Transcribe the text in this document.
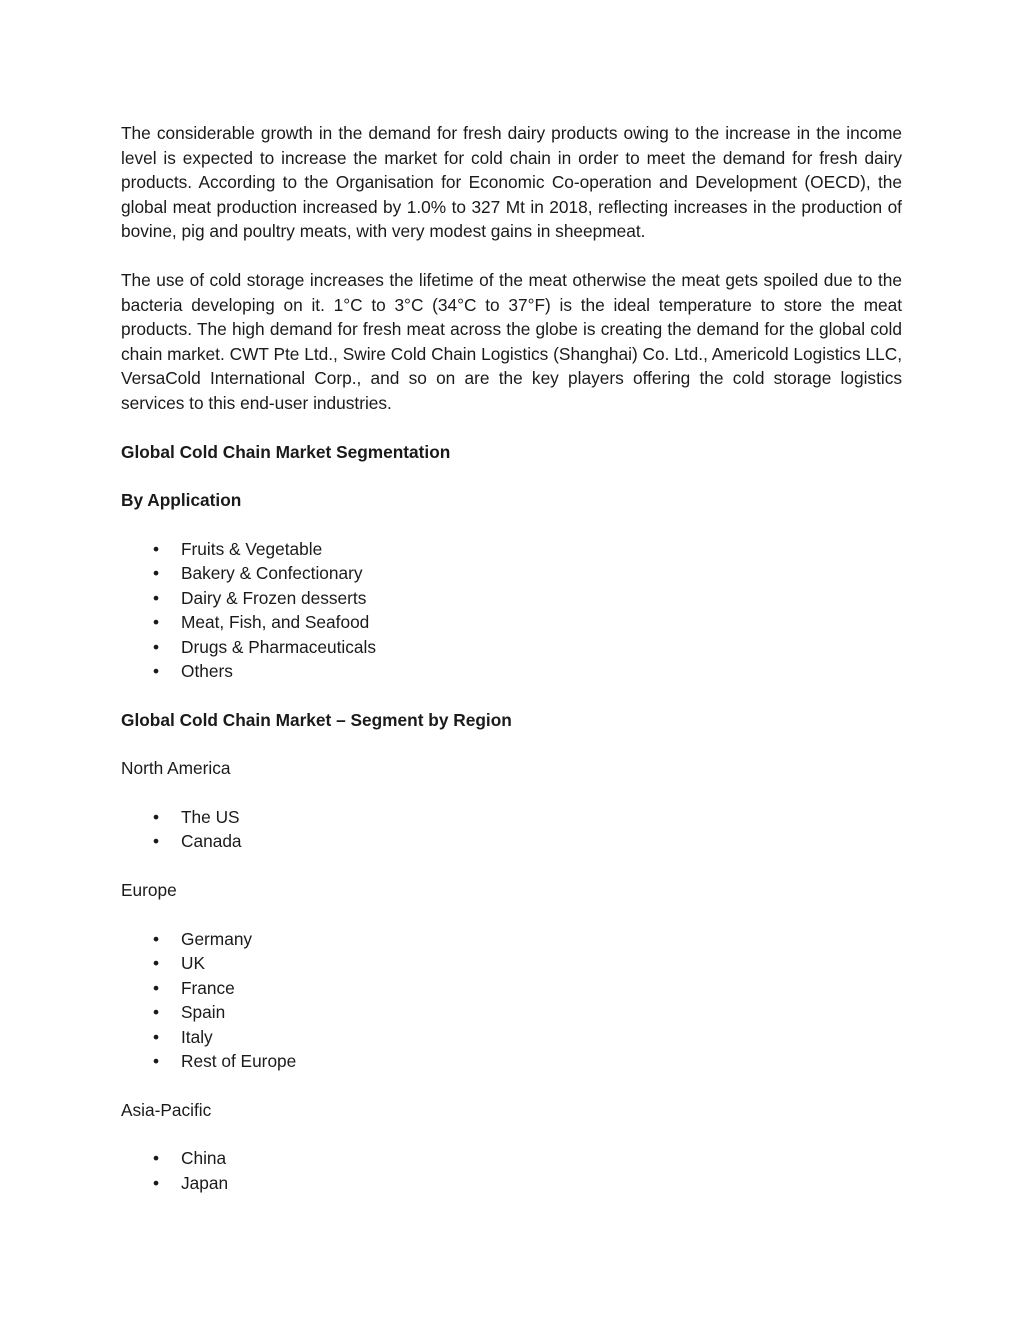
The considerable growth in the demand for fresh dairy products owing to the increase in the income level is expected to increase the market for cold chain in order to meet the demand for fresh dairy products. According to the Organisation for Economic Co-operation and Development (OECD), the global meat production increased by 1.0% to 327 Mt in 2018, reflecting increases in the production of bovine, pig and poultry meats, with very modest gains in sheepmeat.

The use of cold storage increases the lifetime of the meat otherwise the meat gets spoiled due to the bacteria developing on it. 1°C to 3°C (34°C to 37°F) is the ideal temperature to store the meat products. The high demand for fresh meat across the globe is creating the demand for the global cold chain market. CWT Pte Ltd., Swire Cold Chain Logistics (Shanghai) Co. Ltd., Americold Logistics LLC, VersaCold International Corp., and so on are the key players offering the cold storage logistics services to this end-user industries.

Global Cold Chain Market Segmentation

By Application

• Fruits & Vegetable
• Bakery & Confectionary
• Dairy & Frozen desserts
• Meat, Fish, and Seafood
• Drugs & Pharmaceuticals
• Others

Global Cold Chain Market – Segment by Region

North America

• The US
• Canada

Europe

• Germany
• UK
• France
• Spain
• Italy
• Rest of Europe

Asia-Pacific

• China
• Japan
